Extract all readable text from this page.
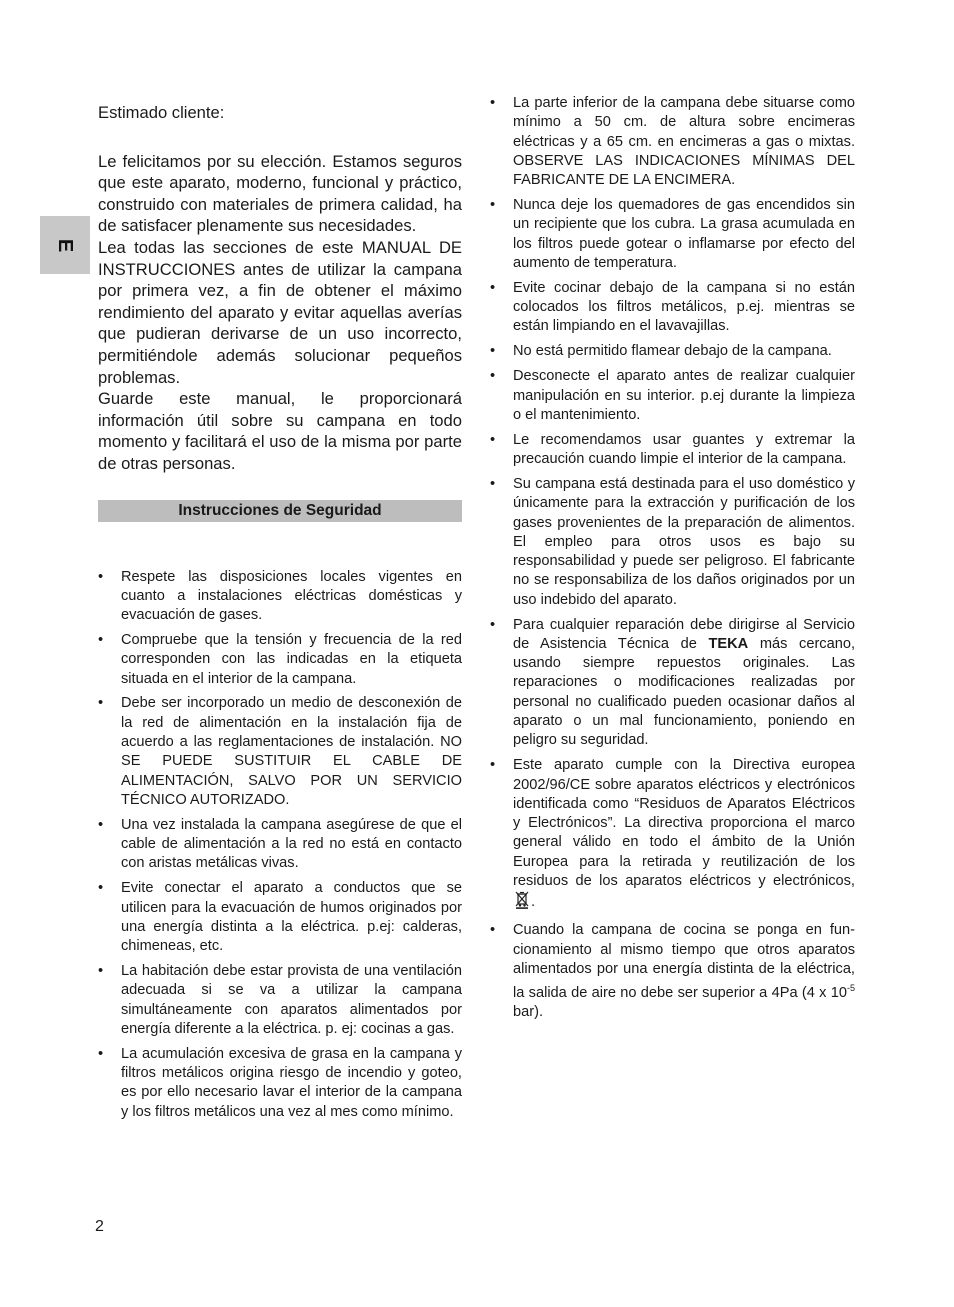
E
Estimado cliente:

Le felicitamos por su elección. Estamos seguros que este aparato, moderno, funcional y práctico, construido con materiales de primera calidad, ha de satisfacer plenamente sus necesidades.

Lea todas las secciones de este MANUAL DE INSTRUCCIONES antes de utilizar la campana por primera vez, a fin de obtener el máximo rendimiento del aparato y evitar aquellas averías que pudieran derivarse de un uso incorrecto, permitiéndole además solucionar pequeños problemas.

Guarde este manual, le proporcionará información útil sobre su campana en todo momento y facilitará el uso de la misma por parte de otras personas.

Instrucciones de Seguridad
• Respete las disposiciones locales vigentes en cuanto a instalaciones eléctricas domésticas y evacuación de gases.
• Compruebe que la tensión y frecuencia de la red corresponden con las indicadas en la etiqueta situada en el interior de la campana.
• Debe ser incorporado un medio de desconexión de la red de alimentación en la instalación fija de acuerdo a las reglamentaciones de instalación. NO SE PUEDE SUSTITUIR EL CABLE DE ALIMENTACIÓN, SALVO POR UN SERVICIO TÉCNICO AUTORIZADO.
• Una vez instalada la campana asegúrese de que el cable de alimentación a la red no está en contacto con aristas metálicas vivas.
• Evite conectar el aparato a conductos que se utilicen para la evacuación de humos originados por una energía distinta a la eléctrica. p.ej: calderas, chimeneas, etc.
• La habitación debe estar provista de una ventilación adecuada si se va a utilizar la campana simultáneamente con aparatos alimentados por energía diferente a la eléctrica. p. ej: cocinas a gas.
• La acumulación excesiva de grasa en la campana y filtros metálicos origina riesgo de incendio y goteo, es por ello necesario lavar el interior de la campana y los filtros metálicos una vez al mes como mínimo.
• La parte inferior de la campana debe situarse como mínimo a 50 cm. de altura sobre encimeras eléctricas y a 65 cm. en encimeras a gas o mixtas. OBSERVE LAS INDICACIONES MÍNIMAS DEL FABRICANTE DE LA ENCIMERA.
• Nunca deje los quemadores de gas encendidos sin un recipiente que los cubra. La grasa acumulada en los filtros puede gotear o inflamarse por efecto del aumento de temperatura.
• Evite cocinar debajo de la campana si no están colocados los filtros metálicos, p.ej. mientras se están limpiando en el lavavajillas.
• No está permitido flamear debajo de la campana.
• Desconecte el aparato antes de realizar cualquier manipulación en su interior. p.ej durante la limpieza o el mantenimiento.
• Le recomendamos usar guantes y extremar la precaución cuando limpie el interior de la campana.
• Su campana está destinada para el uso doméstico y únicamente para la extracción y purificación de los gases provenientes de la preparación de alimentos. El empleo para otros usos es bajo su responsabilidad y puede ser peligroso. El fabricante no se responsabiliza de los daños originados por un uso indebido del aparato.
• Para cualquier reparación debe dirigirse al Servicio de Asistencia Técnica de TEKA más cercano, usando siempre repuestos originales. Las reparaciones o modificaciones realizadas por personal no cualificado pueden ocasionar daños al aparato o un mal funcionamiento, poniendo en peligro su seguridad.
• Este aparato cumple con la Directiva europea 2002/96/CE sobre aparatos eléctricos y electrónicos identificada como “Residuos de Aparatos Eléctricos y Electrónicos”. La directiva proporciona el marco general válido en todo el ámbito de la Unión Europea para la retirada y reutilización de los residuos de los aparatos eléctricos y electrónicos, .
• Cuando la campana de cocina se ponga en fun-cionamiento al mismo tiempo que otros aparatos alimentados por una energía distinta de la eléctrica, la salida de aire no debe ser superior a 4Pa (4 x $10^{-5}$ bar).
2
